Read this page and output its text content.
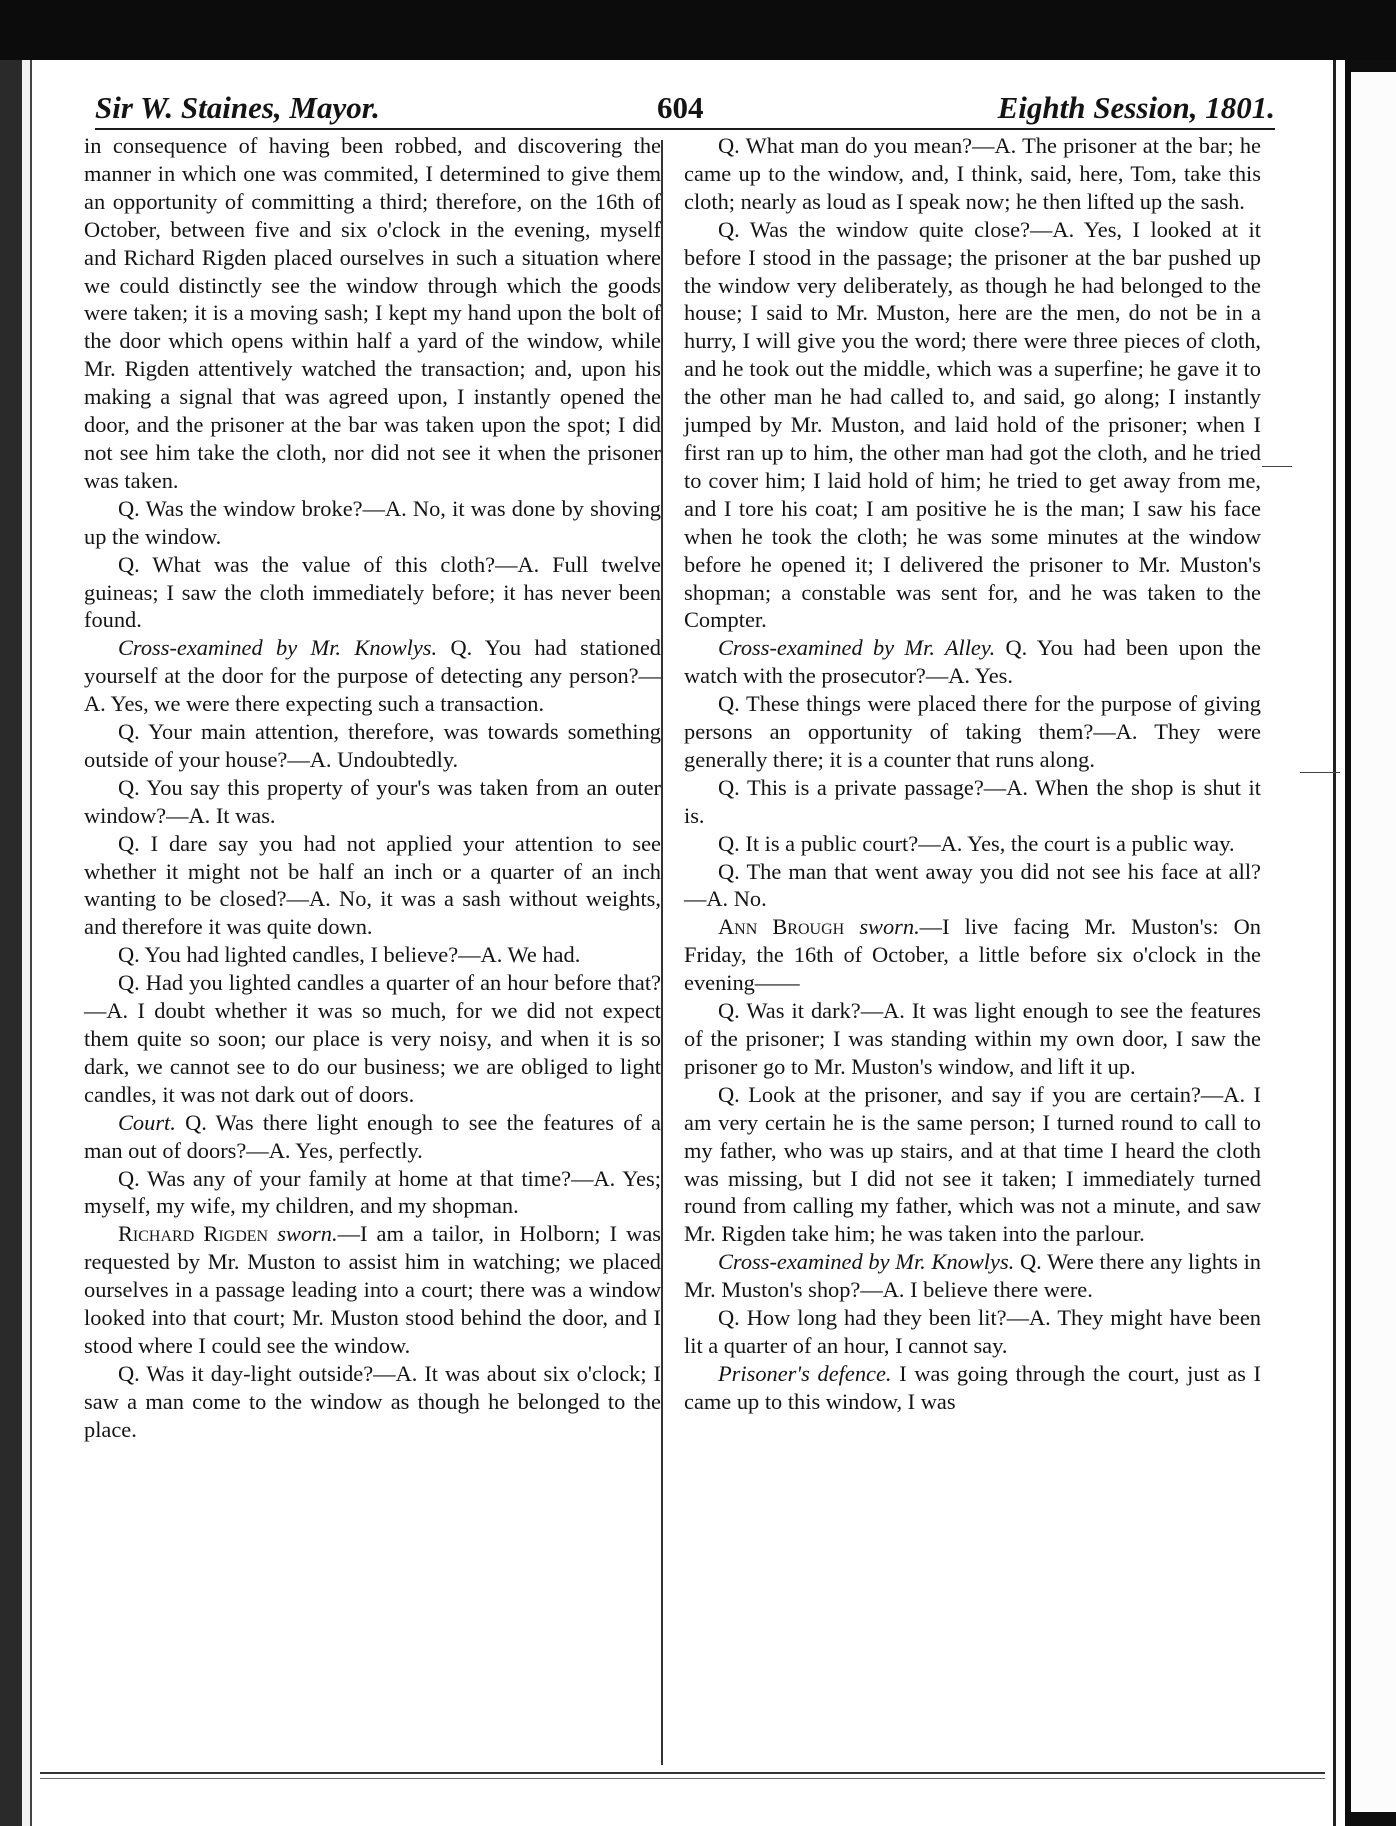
Sir W. Staines, Mayor.	604	Eighth Session, 1801.

in consequence of having been robbed, and discovering the manner in which one was commited, I determined to give them an opportunity of committing a third; therefore, on the 16th of October, between five and six o'clock in the evening, myself and Richard Rigden placed ourselves in such a situation where we could distinctly see the window through which the goods were taken; it is a moving sash; I kept my hand upon the bolt of the door which opens within half a yard of the window, while Mr. Rigden attentively watched the transaction; and, upon his making a signal that was agreed upon, I instantly opened the door, and the prisoner at the bar was taken upon the spot; I did not see him take the cloth, nor did not see it when the prisoner was taken.

Q. Was the window broke?—A. No, it was done by shoving up the window.

Q. What was the value of this cloth?—A. Full twelve guineas; I saw the cloth immediately before; it has never been found.

Cross-examined by Mr. Knowlys. Q. You had stationed yourself at the door for the purpose of detecting any person?—A. Yes, we were there expecting such a transaction.

Q. Your main attention, therefore, was towards something outside of your house?—A. Undoubtedly.

Q. You say this property of your's was taken from an outer window?—A. It was.

Q. I dare say you had not applied your attention to see whether it might not be half an inch or a quarter of an inch wanting to be closed?—A. No, it was a sash without weights, and therefore it was quite down.

Q. You had lighted candles, I believe?—A. We had.

Q. Had you lighted candles a quarter of an hour before that?—A. I doubt whether it was so much, for we did not expect them quite so soon; our place is very noisy, and when it is so dark, we cannot see to do our business; we are obliged to light candles, it was not dark out of doors.

Court. Q. Was there light enough to see the features of a man out of doors?—A. Yes, perfectly.

Q. Was any of your family at home at that time?—A. Yes; myself, my wife, my children, and my shopman.

Richard Rigden sworn.—I am a tailor, in Holborn; I was requested by Mr. Muston to assist him in watching; we placed ourselves in a passage leading into a court; there was a window looked into that court; Mr. Muston stood behind the door, and I stood where I could see the window.

Q. Was it day-light outside?—A. It was about six o'clock; I saw a man come to the window as though he belonged to the place.

Q. What man do you mean?—A. The prisoner at the bar; he came up to the window, and, I think, said, here, Tom, take this cloth; nearly as loud as I speak now; he then lifted up the sash.

Q. Was the window quite close?—A. Yes, I looked at it before I stood in the passage; the prisoner at the bar pushed up the window very deliberately, as though he had belonged to the house; I said to Mr. Muston, here are the men, do not be in a hurry, I will give you the word; there were three pieces of cloth, and he took out the middle, which was a superfine; he gave it to the other man he had called to, and said, go along; I instantly jumped by Mr. Muston, and laid hold of the prisoner; when I first ran up to him, the other man had got the cloth, and he tried to cover him; I laid hold of him; he tried to get away from me, and I tore his coat; I am positive he is the man; I saw his face when he took the cloth; he was some minutes at the window before he opened it; I delivered the prisoner to Mr. Muston's shopman; a constable was sent for, and he was taken to the Compter.

Cross-examined by Mr. Alley. Q. You had been upon the watch with the prosecutor?—A. Yes.

Q. These things were placed there for the purpose of giving persons an opportunity of taking them?—A. They were generally there; it is a counter that runs along.

Q. This is a private passage?—A. When the shop is shut it is.

Q. It is a public court?—A. Yes, the court is a public way.

Q. The man that went away you did not see his face at all?—A. No.

Ann Brough sworn.—I live facing Mr. Muston's: On Friday, the 16th of October, a little before six o'clock in the evening——

Q. Was it dark?—A. It was light enough to see the features of the prisoner; I was standing within my own door, I saw the prisoner go to Mr. Muston's window, and lift it up.

Q. Look at the prisoner, and say if you are certain?—A. I am very certain he is the same person; I turned round to call to my father, who was up stairs, and at that time I heard the cloth was missing, but I did not see it taken; I immediately turned round from calling my father, which was not a minute, and saw Mr. Rigden take him; he was taken into the parlour.

Cross-examined by Mr. Knowlys. Q. Were there any lights in Mr. Muston's shop?—A. I believe there were.

Q. How long had they been lit?—A. They might have been lit a quarter of an hour, I cannot say.

Prisoner's defence. I was going through the court, just as I came up to this window, I was
